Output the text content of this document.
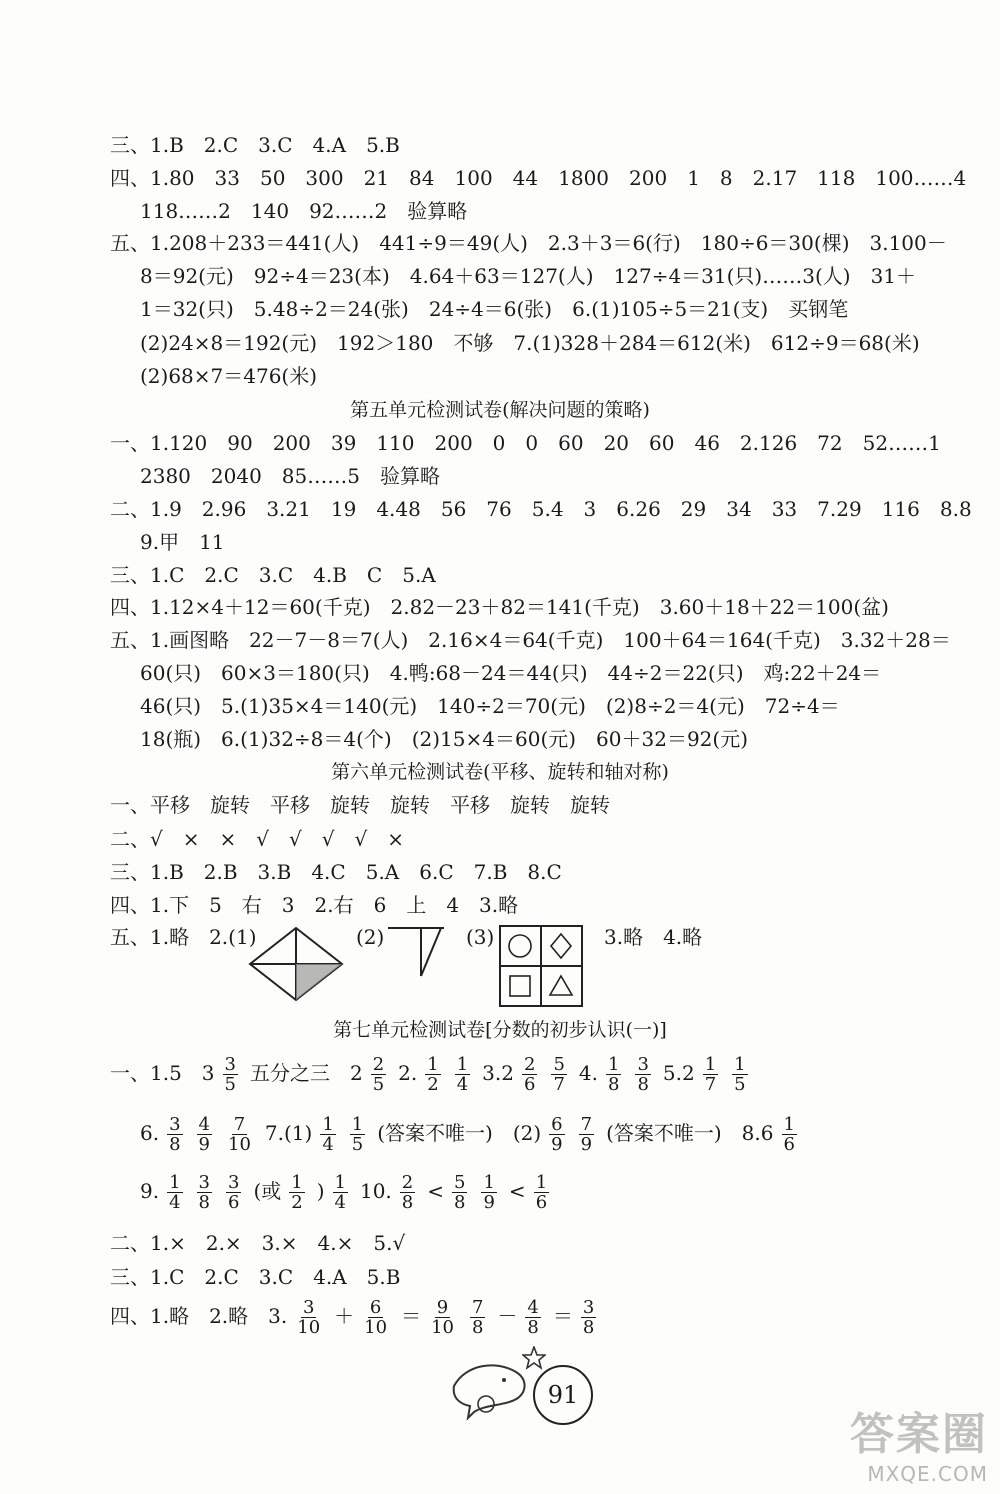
三、1.B　2.C　3.C　4.A　5.B
四、1.80　33　50　300　21　84　100　44　1800　200　1　8　2.17　118　100……4
118……2　140　92……2　验算略
五、1.208＋233＝441(人)　441÷9＝49(人)　2.3＋3＝6(行)　180÷6＝30(棵)　3.100－
8＝92(元)　92÷4＝23(本)　4.64＋63＝127(人)　127÷4＝31(只)……3(人)　31＋
1＝32(只)　5.48÷2＝24(张)　24÷4＝6(张)　6.(1)105÷5＝21(支)　买钢笔
(2)24×8＝192(元)　192＞180　不够　7.(1)328＋284＝612(米)　612÷9＝68(米)
(2)68×7＝476(米)
一、1.120　90　200　39　110　200　0　0　60　20　60　46　2.126　72　52……1
2380　2040　85……5　验算略
二、1.9　2.96　3.21　19　4.48　56　76　5.4　3　6.26　29　34　33　7.29　116　8.8
9.甲　11
三、1.C　2.C　3.C　4.B　C　5.A
四、1.12×4＋12＝60(千克)　2.82－23＋82＝141(千克)　3.60＋18＋22＝100(盆)
五、1.画图略　22－7－8＝7(人)　2.16×4＝64(千克)　100＋64＝164(千克)　3.32＋28＝
60(只)　60×3＝180(只)　4.鸭:68－24＝44(只)　44÷2＝22(只)　鸡:22＋24＝
46(只)　5.(1)35×4＝140(元)　140÷2＝70(元)　(2)8÷2＝4(元)　72÷4＝
18(瓶)　6.(1)32÷8＝4(个)　(2)15×4＝60(元)　60＋32＝92(元)
一、平移　旋转　平移　旋转　旋转　平移　旋转　旋转
二、√　×　×　√　√　√　√　×
三、1.B　2.B　3.B　4.C　5.A　6.C　7.B　8.C
四、1.下　5　右　3　2.右　6　上　4　3.略
三、1.C　2.C　3.C　4.A　5.B
第五单元检测试卷(解决问题的策略)
第六单元检测试卷(平移、旋转和轴对称)
第七单元检测试卷[分数的初步认识(一)]
五、1.略　2.(1)	(2)	(3)	3.略　4.略
一、1.5　$3 \frac{3}{5}$ 五分之三　$2 \frac{2}{5} 2$. $\frac{1}{2} \frac{1}{4} 3.2 \frac{2}{6} \frac{5}{7} 4$. $\frac{1}{8} \frac{3}{8} 5.2 \frac{1}{7} \frac{1}{5}$
6. $\frac{3}{8} \frac{4}{9} \frac{7}{10} 7.(1) \frac{1}{4} \frac{1}{5}$ (答案不唯一)　$(2) \frac{6}{9} \frac{7}{9}$ (答案不唯一)　$8.6 \frac{1}{6}$
9. $\frac{1}{4} \frac{3}{8} \frac{3}{6}$ (或 $\frac{1}{2}$ ) $\frac{1}{4} 10$. $\frac{2}{8} < \frac{5}{8} \frac{1}{9} < \frac{1}{6}$
二、1.×　2.×　3.×　4.×　5.√
四、1.略　2.略　3. $\frac{3}{10} + \frac{6}{10} = \frac{9}{10} \frac{7}{8} - \frac{4}{8} = \frac{3}{8}$
91
答案圈
MXQE.COM
